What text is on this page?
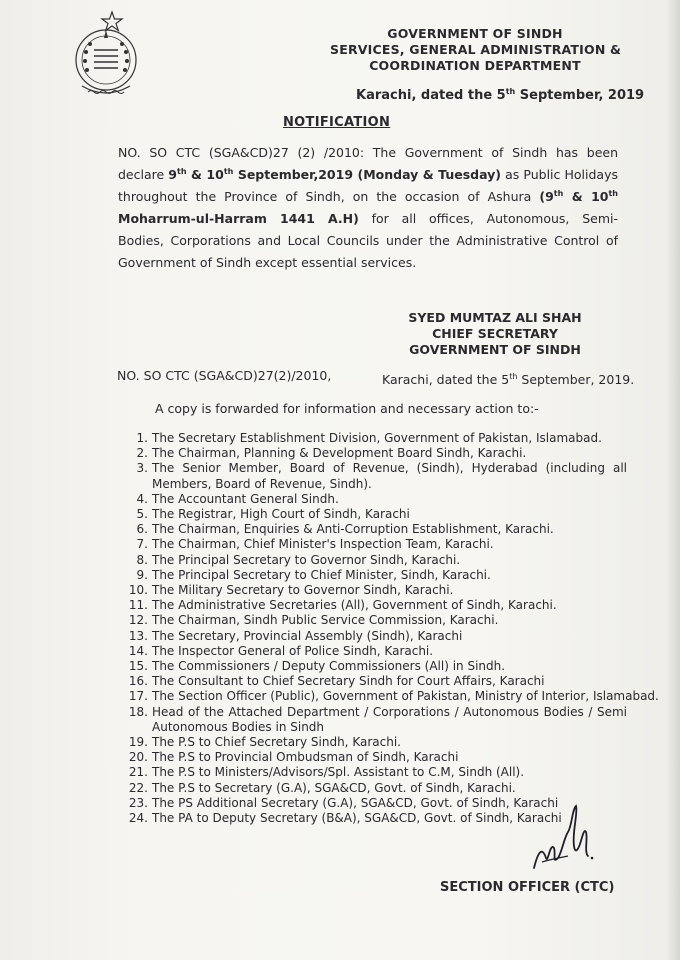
GOVERNMENT OF SINDH
SERVICES, GENERAL ADMINISTRATION &
COORDINATION DEPARTMENT
Karachi, dated the 5th September, 2019
NOTIFICATION
NO. SO CTC (SGA&CD)27 (2) /2010: The Government of Sindh has been
declare 9th & 10th September,2019 (Monday & Tuesday) as Public Holidays
throughout the Province of Sindh, on the occasion of Ashura (9th & 10th
Moharrum-ul-Harram 1441 A.H) for all offices, Autonomous, Semi-
Bodies, Corporations and Local Councils under the Administrative Control of
Government of Sindh except essential services.
SYED MUMTAZ ALI SHAH
CHIEF SECRETARY
GOVERNMENT OF SINDH
NO. SO CTC (SGA&CD)27(2)/2010,	Karachi, dated the 5th September, 2019.
A copy is forwarded for information and necessary action to:-
1. The Secretary Establishment Division, Government of Pakistan, Islamabad.
2. The Chairman, Planning & Development Board Sindh, Karachi.
3. The Senior Member, Board of Revenue, (Sindh), Hyderabad (including all Members, Board of Revenue, Sindh).
4. The Accountant General Sindh.
5. The Registrar, High Court of Sindh, Karachi
6. The Chairman, Enquiries & Anti-Corruption Establishment, Karachi.
7. The Chairman, Chief Minister's Inspection Team, Karachi.
8. The Principal Secretary to Governor Sindh, Karachi.
9. The Principal Secretary to Chief Minister, Sindh, Karachi.
10. The Military Secretary to Governor Sindh, Karachi.
11. The Administrative Secretaries (All), Government of Sindh, Karachi.
12. The Chairman, Sindh Public Service Commission, Karachi.
13. The Secretary, Provincial Assembly (Sindh), Karachi
14. The Inspector General of Police Sindh, Karachi.
15. The Commissioners / Deputy Commissioners (All) in Sindh.
16. The Consultant to Chief Secretary Sindh for Court Affairs, Karachi
17. The Section Officer (Public), Government of Pakistan, Ministry of Interior, Islamabad.
18. Head of the Attached Department / Corporations / Autonomous Bodies / Semi Autonomous Bodies in Sindh
19. The P.S to Chief Secretary Sindh, Karachi.
20. The P.S to Provincial Ombudsman of Sindh, Karachi
21. The P.S to Ministers/Advisors/Spl. Assistant to C.M, Sindh (All).
22. The P.S to Secretary (G.A), SGA&CD, Govt. of Sindh, Karachi.
23. The PS Additional Secretary (G.A), SGA&CD, Govt. of Sindh, Karachi
24. The PA to Deputy Secretary (B&A), SGA&CD, Govt. of Sindh, Karachi
SECTION OFFICER (CTC)
